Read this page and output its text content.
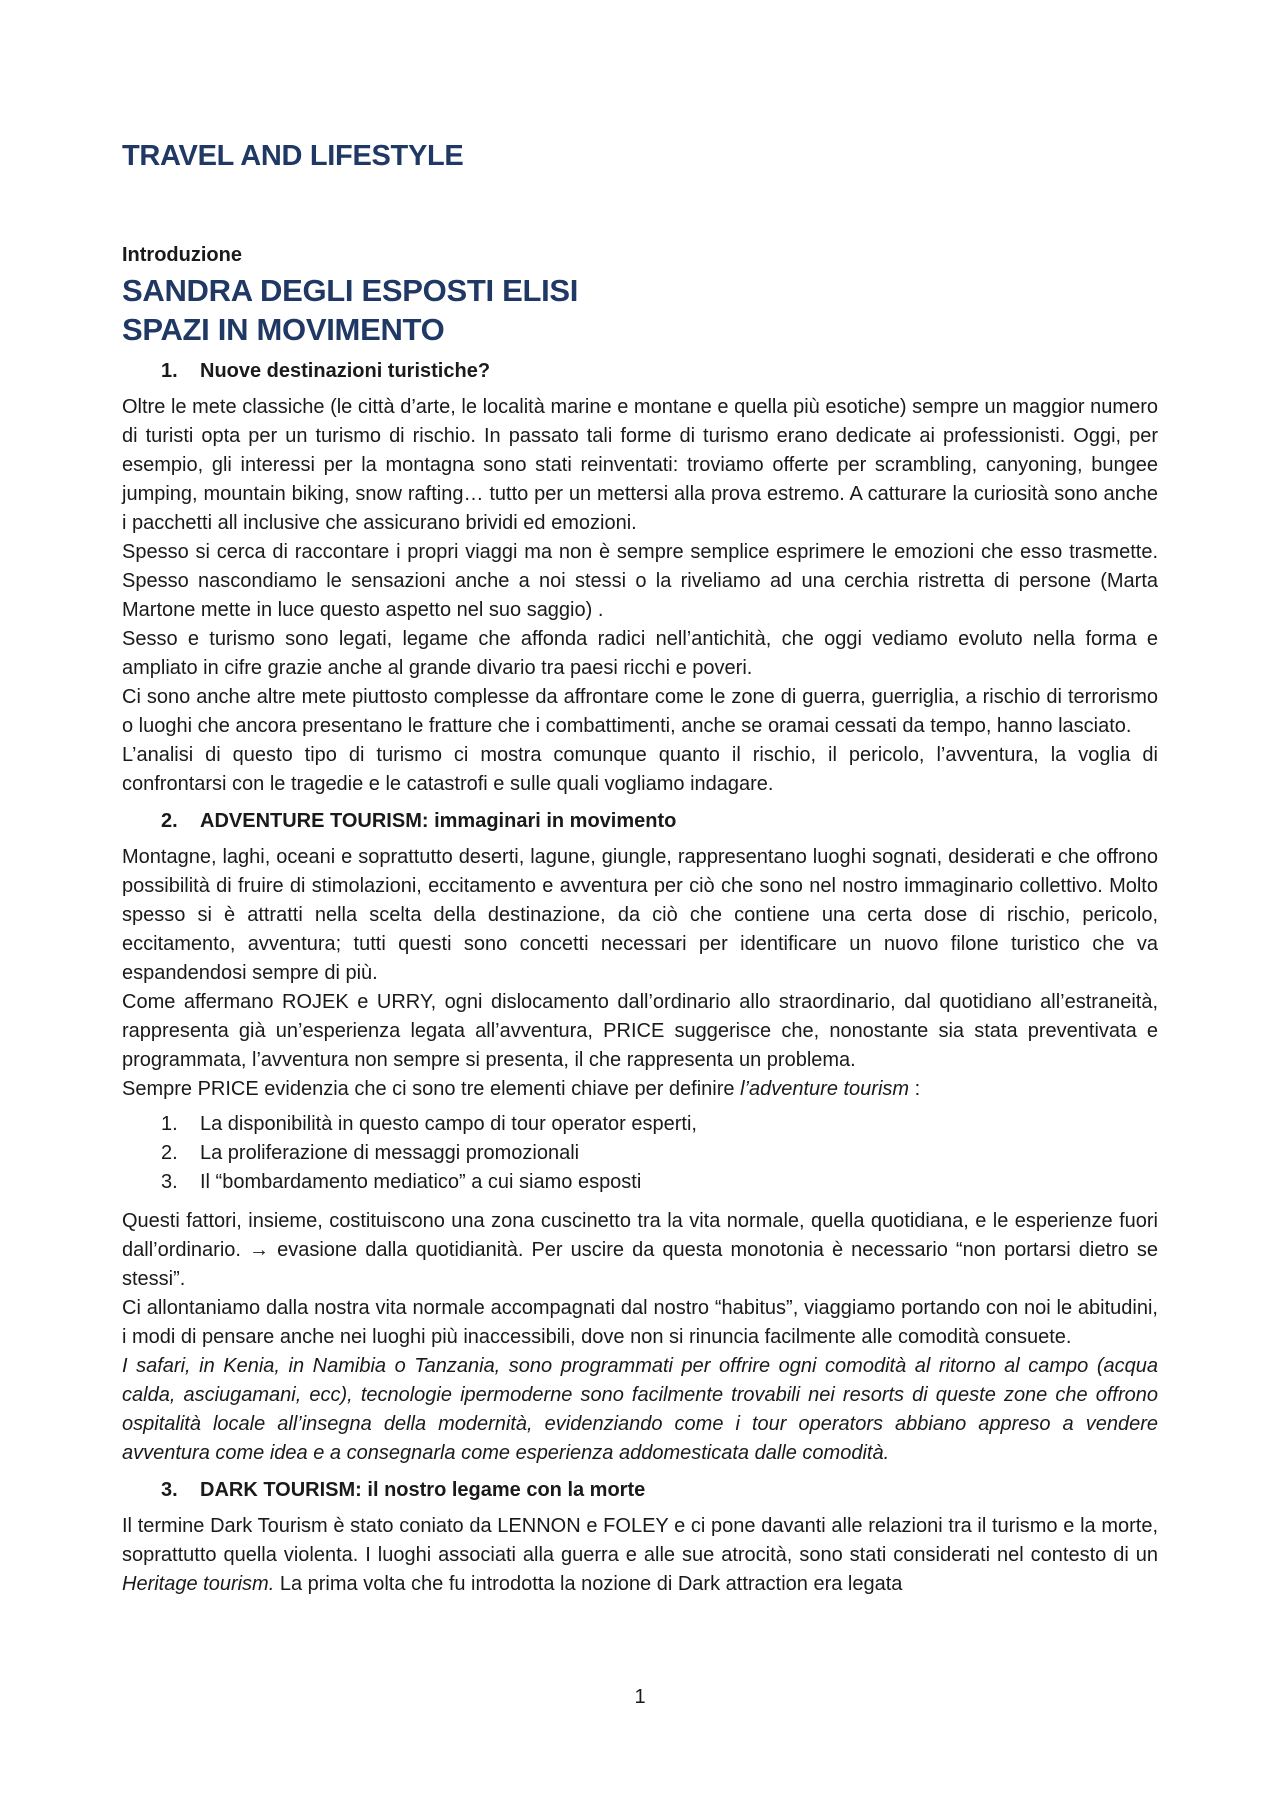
TRAVEL AND LIFESTYLE
Introduzione
SANDRA DEGLI ESPOSTI ELISI
SPAZI IN MOVIMENTO
1.	Nuove destinazioni turistiche?

Oltre le mete classiche (le città d’arte, le località marine e montane e quella più esotiche) sempre un maggior numero di turisti opta per un turismo di rischio. In passato tali forme di turismo erano dedicate ai professionisti. Oggi, per esempio, gli interessi per la montagna sono stati reinventati: troviamo offerte per scrambling, canyoning, bungee jumping, mountain biking, snow rafting… tutto per un mettersi alla prova estremo. A catturare la curiosità sono anche i pacchetti all inclusive che assicurano brividi ed emozioni.

Spesso si cerca di raccontare i propri viaggi ma non è sempre semplice esprimere le emozioni che esso trasmette. Spesso nascondiamo le sensazioni anche a noi stessi o la riveliamo ad una cerchia ristretta di persone (Marta Martone mette in luce questo aspetto nel suo saggio) .

Sesso e turismo sono legati, legame che affonda radici nell’antichità, che oggi vediamo evoluto nella forma e ampliato in cifre grazie anche al grande divario tra paesi ricchi e poveri.

Ci sono anche altre mete piuttosto complesse da affrontare come le zone di guerra, guerriglia, a rischio di terrorismo o luoghi che ancora presentano le fratture che i combattimenti, anche se oramai cessati da tempo, hanno lasciato.

L’analisi di questo tipo di turismo ci mostra comunque quanto il rischio, il pericolo, l’avventura, la voglia di confrontarsi con le tragedie e le catastrofi e sulle quali vogliamo indagare.

2.	ADVENTURE TOURISM: immaginari in movimento

Montagne, laghi, oceani e soprattutto deserti, lagune, giungle, rappresentano luoghi sognati, desiderati e che offrono possibilità di fruire di stimolazioni, eccitamento e avventura per ciò che sono nel nostro immaginario collettivo. Molto spesso si è attratti nella scelta della destinazione, da ciò che contiene una certa dose di rischio, pericolo, eccitamento, avventura; tutti questi sono concetti necessari per identificare un nuovo filone turistico che va espandendosi sempre di più.

Come affermano ROJEK e URRY, ogni dislocamento dall’ordinario allo straordinario, dal quotidiano all’estraneità, rappresenta già un’esperienza legata all’avventura, PRICE suggerisce che, nonostante sia stata preventivata e programmata, l’avventura non sempre si presenta, il che rappresenta un problema.

Sempre PRICE evidenzia che ci sono tre elementi chiave per definire l’adventure tourism :

1.	La disponibilità in questo campo di tour operator esperti,
2.	La proliferazione di messaggi promozionali
3.	Il “bombardamento mediatico” a cui siamo esposti

Questi fattori, insieme, costituiscono una zona cuscinetto tra la vita normale, quella quotidiana, e le esperienze fuori dall’ordinario. → evasione dalla quotidianità. Per uscire da questa monotonia è necessario “non portarsi dietro se stessi”.

Ci allontaniamo dalla nostra vita normale accompagnati dal nostro “habitus”, viaggiamo portando con noi le abitudini, i modi di pensare anche nei luoghi più inaccessibili, dove non si rinuncia facilmente alle comodità consuete.

I safari, in Kenia, in Namibia o Tanzania, sono programmati per offrire ogni comodità al ritorno al campo (acqua calda, asciugamani, ecc), tecnologie ipermoderne sono facilmente trovabili nei resorts di queste zone che offrono ospitalità locale all’insegna della modernità, evidenziando come i tour operators abbiano appreso a vendere avventura come idea e a consegnarla come esperienza addomesticata dalle comodità.

3.	DARK TOURISM: il nostro legame con la morte

Il termine Dark Tourism è stato coniato da LENNON e FOLEY e ci pone davanti alle relazioni tra il turismo e la morte, soprattutto quella violenta. I luoghi associati alla guerra e alle sue atrocità, sono stati considerati nel contesto di un Heritage tourism. La prima volta che fu introdotta la nozione di Dark attraction era legata

1
